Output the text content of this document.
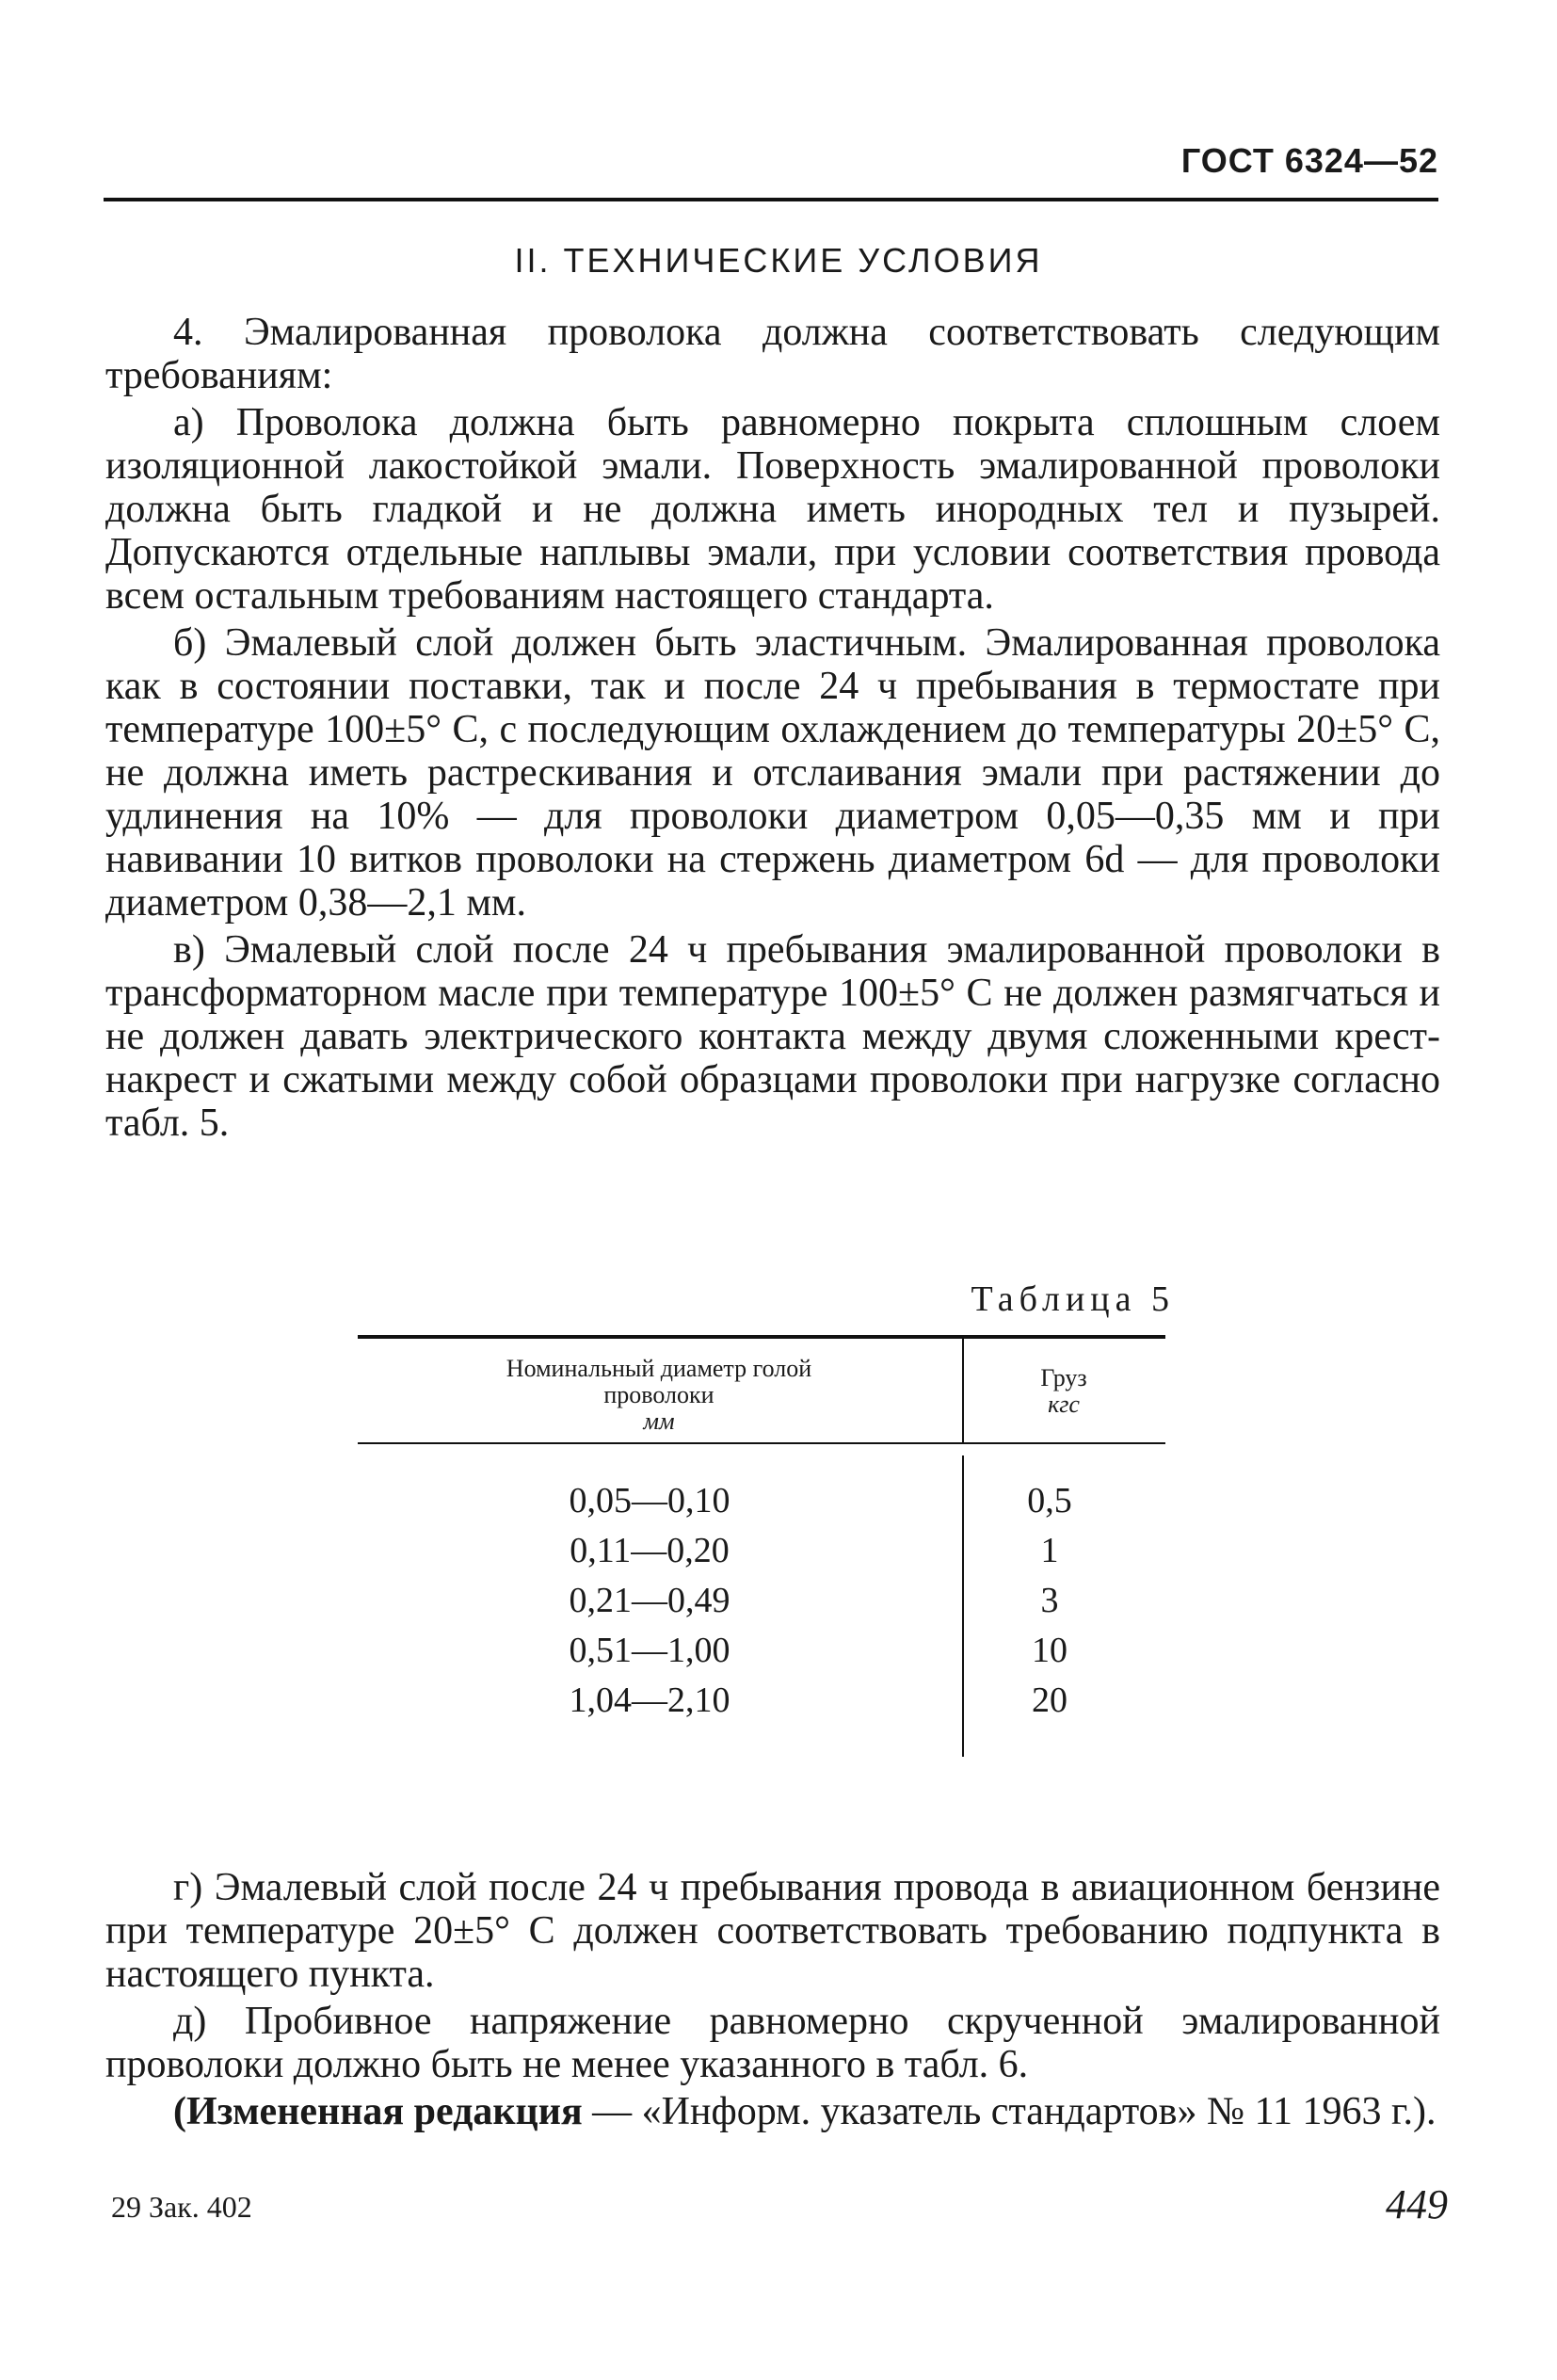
ГОСТ 6324—52
II. ТЕХНИЧЕСКИЕ УСЛОВИЯ

4. Эмалированная проволока должна соответствовать следующим требованиям:

а) Проволока должна быть равномерно покрыта сплошным слоем изоляционной лакостойкой эмали. Поверхность эмалированной проволоки должна быть гладкой и не должна иметь инородных тел и пузырей. Допускаются отдельные наплывы эмали, при условии соответствия провода всем остальным требованиям настоящего стандарта.

б) Эмалевый слой должен быть эластичным. Эмалированная проволока как в состоянии поставки, так и после 24 ч пребывания в термостате при температуре 100±5° С, с последующим охлаждением до температуры 20±5° С, не должна иметь растрескивания и отслаивания эмали при растяжении до удлинения на 10% — для проволоки диаметром 0,05—0,35 мм и при навивании 10 витков проволоки на стержень диаметром 6d — для проволоки диаметром 0,38—2,1 мм.

в) Эмалевый слой после 24 ч пребывания эмалированной проволоки в трансформаторном масле при температуре 100±5° С не должен размягчаться и не должен давать электрического контакта между двумя сложенными крест-накрест и сжатыми между собой образцами проволоки при нагрузке согласно табл. 5.

Таблица 5
Номинальный диаметр голой
проволоки
мм
Груз
кгс
0,05—0,10
0,11—0,20
0,21—0,49
0,51—1,00
1,04—2,10
0,5
1
3
10
20

г) Эмалевый слой после 24 ч пребывания провода в авиационном бензине при температуре 20±5° С должен соответствовать требованию подпункта в настоящего пункта.

д) Пробивное напряжение равномерно скрученной эмалированной проволоки должно быть не менее указанного в табл. 6.

(Измененная редакция — «Информ. указатель стандартов» № 11 1963 г.).

29 Зак. 402	449
